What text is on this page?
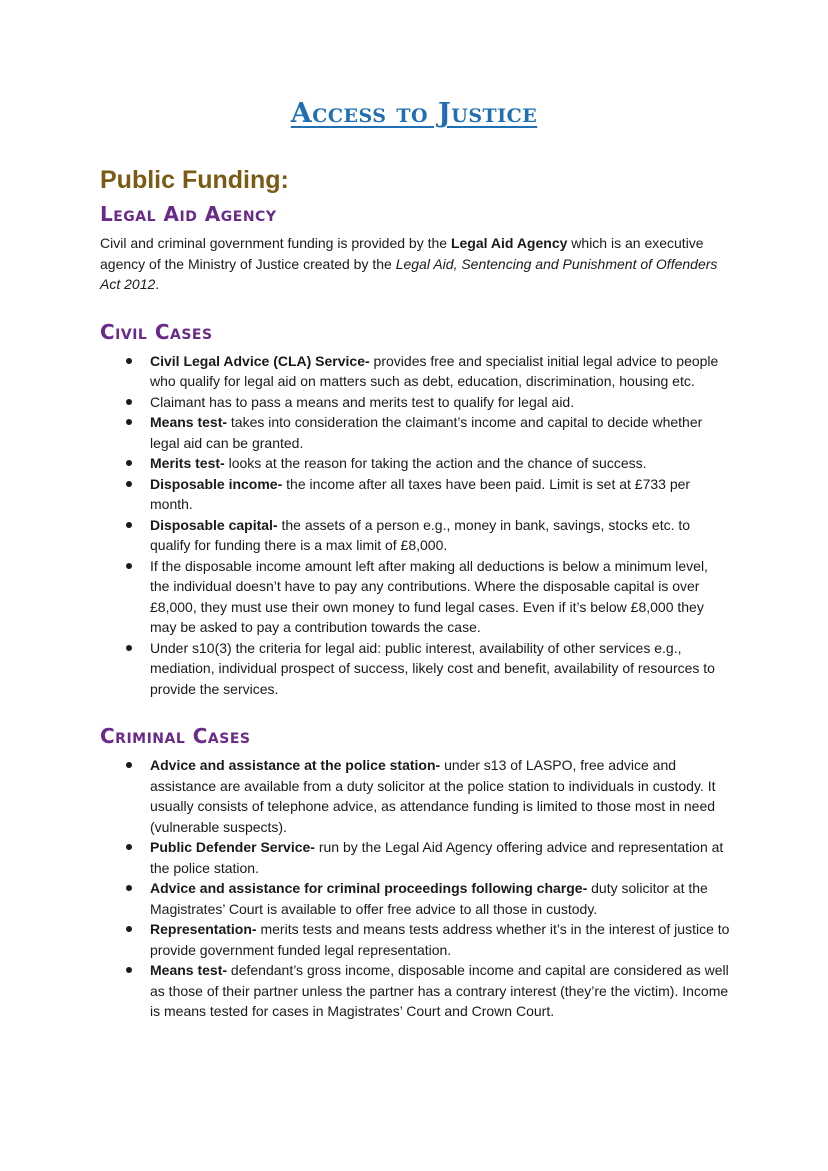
Access to Justice
Public Funding:
Legal Aid Agency

Civil and criminal government funding is provided by the Legal Aid Agency which is an executive agency of the Ministry of Justice created by the Legal Aid, Sentencing and Punishment of Offenders Act 2012.

Civil Cases
Civil Legal Advice (CLA) Service- provides free and specialist initial legal advice to people who qualify for legal aid on matters such as debt, education, discrimination, housing etc.
Claimant has to pass a means and merits test to qualify for legal aid.
Means test- takes into consideration the claimant’s income and capital to decide whether legal aid can be granted.
Merits test- looks at the reason for taking the action and the chance of success.
Disposable income- the income after all taxes have been paid. Limit is set at £733 per month.
Disposable capital- the assets of a person e.g., money in bank, savings, stocks etc. to qualify for funding there is a max limit of £8,000.
If the disposable income amount left after making all deductions is below a minimum level, the individual doesn’t have to pay any contributions. Where the disposable capital is over £8,000, they must use their own money to fund legal cases. Even if it’s below £8,000 they may be asked to pay a contribution towards the case.
Under s10(3) the criteria for legal aid: public interest, availability of other services e.g., mediation, individual prospect of success, likely cost and benefit, availability of resources to provide the services.
Criminal Cases
Advice and assistance at the police station- under s13 of LASPO, free advice and assistance are available from a duty solicitor at the police station to individuals in custody. It usually consists of telephone advice, as attendance funding is limited to those most in need (vulnerable suspects).
Public Defender Service- run by the Legal Aid Agency offering advice and representation at the police station.
Advice and assistance for criminal proceedings following charge- duty solicitor at the Magistrates’ Court is available to offer free advice to all those in custody.
Representation- merits tests and means tests address whether it’s in the interest of justice to provide government funded legal representation.
Means test- defendant’s gross income, disposable income and capital are considered as well as those of their partner unless the partner has a contrary interest (they’re the victim). Income is means tested for cases in Magistrates’ Court and Crown Court.
